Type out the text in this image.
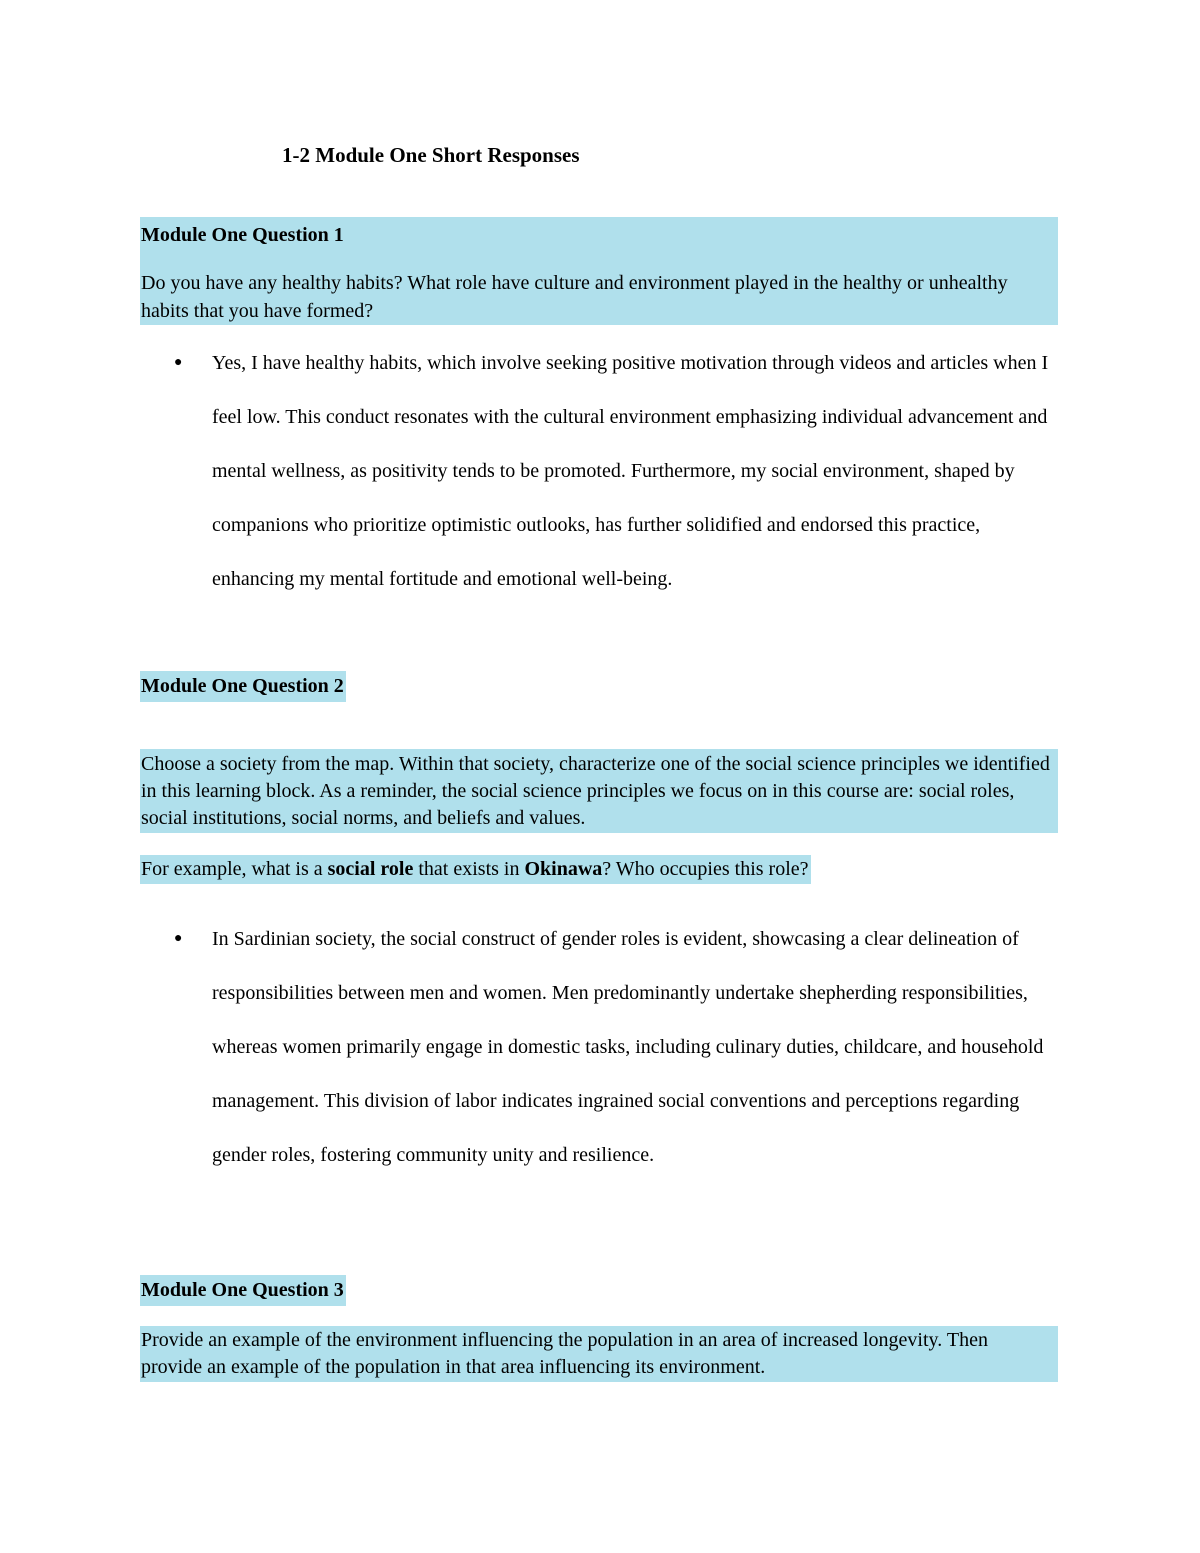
1-2 Module One Short Responses

Module One Question 1

Do you have any healthy habits? What role have culture and environment played in the healthy or unhealthy habits that you have formed?

● Yes, I have healthy habits, which involve seeking positive motivation through videos and articles when I feel low. This conduct resonates with the cultural environment emphasizing individual advancement and mental wellness, as positivity tends to be promoted. Furthermore, my social environment, shaped by companions who prioritize optimistic outlooks, has further solidified and endorsed this practice, enhancing my mental fortitude and emotional well-being.

Module One Question 2
Choose a society from the map. Within that society, characterize one of the social science principles we identified in this learning block. As a reminder, the social science principles we focus on in this course are: social roles, social institutions, social norms, and beliefs and values.
For example, what is a social role that exists in Okinawa? Who occupies this role?
● In Sardinian society, the social construct of gender roles is evident, showcasing a clear delineation of responsibilities between men and women. Men predominantly undertake shepherding responsibilities, whereas women primarily engage in domestic tasks, including culinary duties, childcare, and household management. This division of labor indicates ingrained social conventions and perceptions regarding gender roles, fostering community unity and resilience.

Module One Question 3
Provide an example of the environment influencing the population in an area of increased longevity. Then provide an example of the population in that area influencing its environment.
